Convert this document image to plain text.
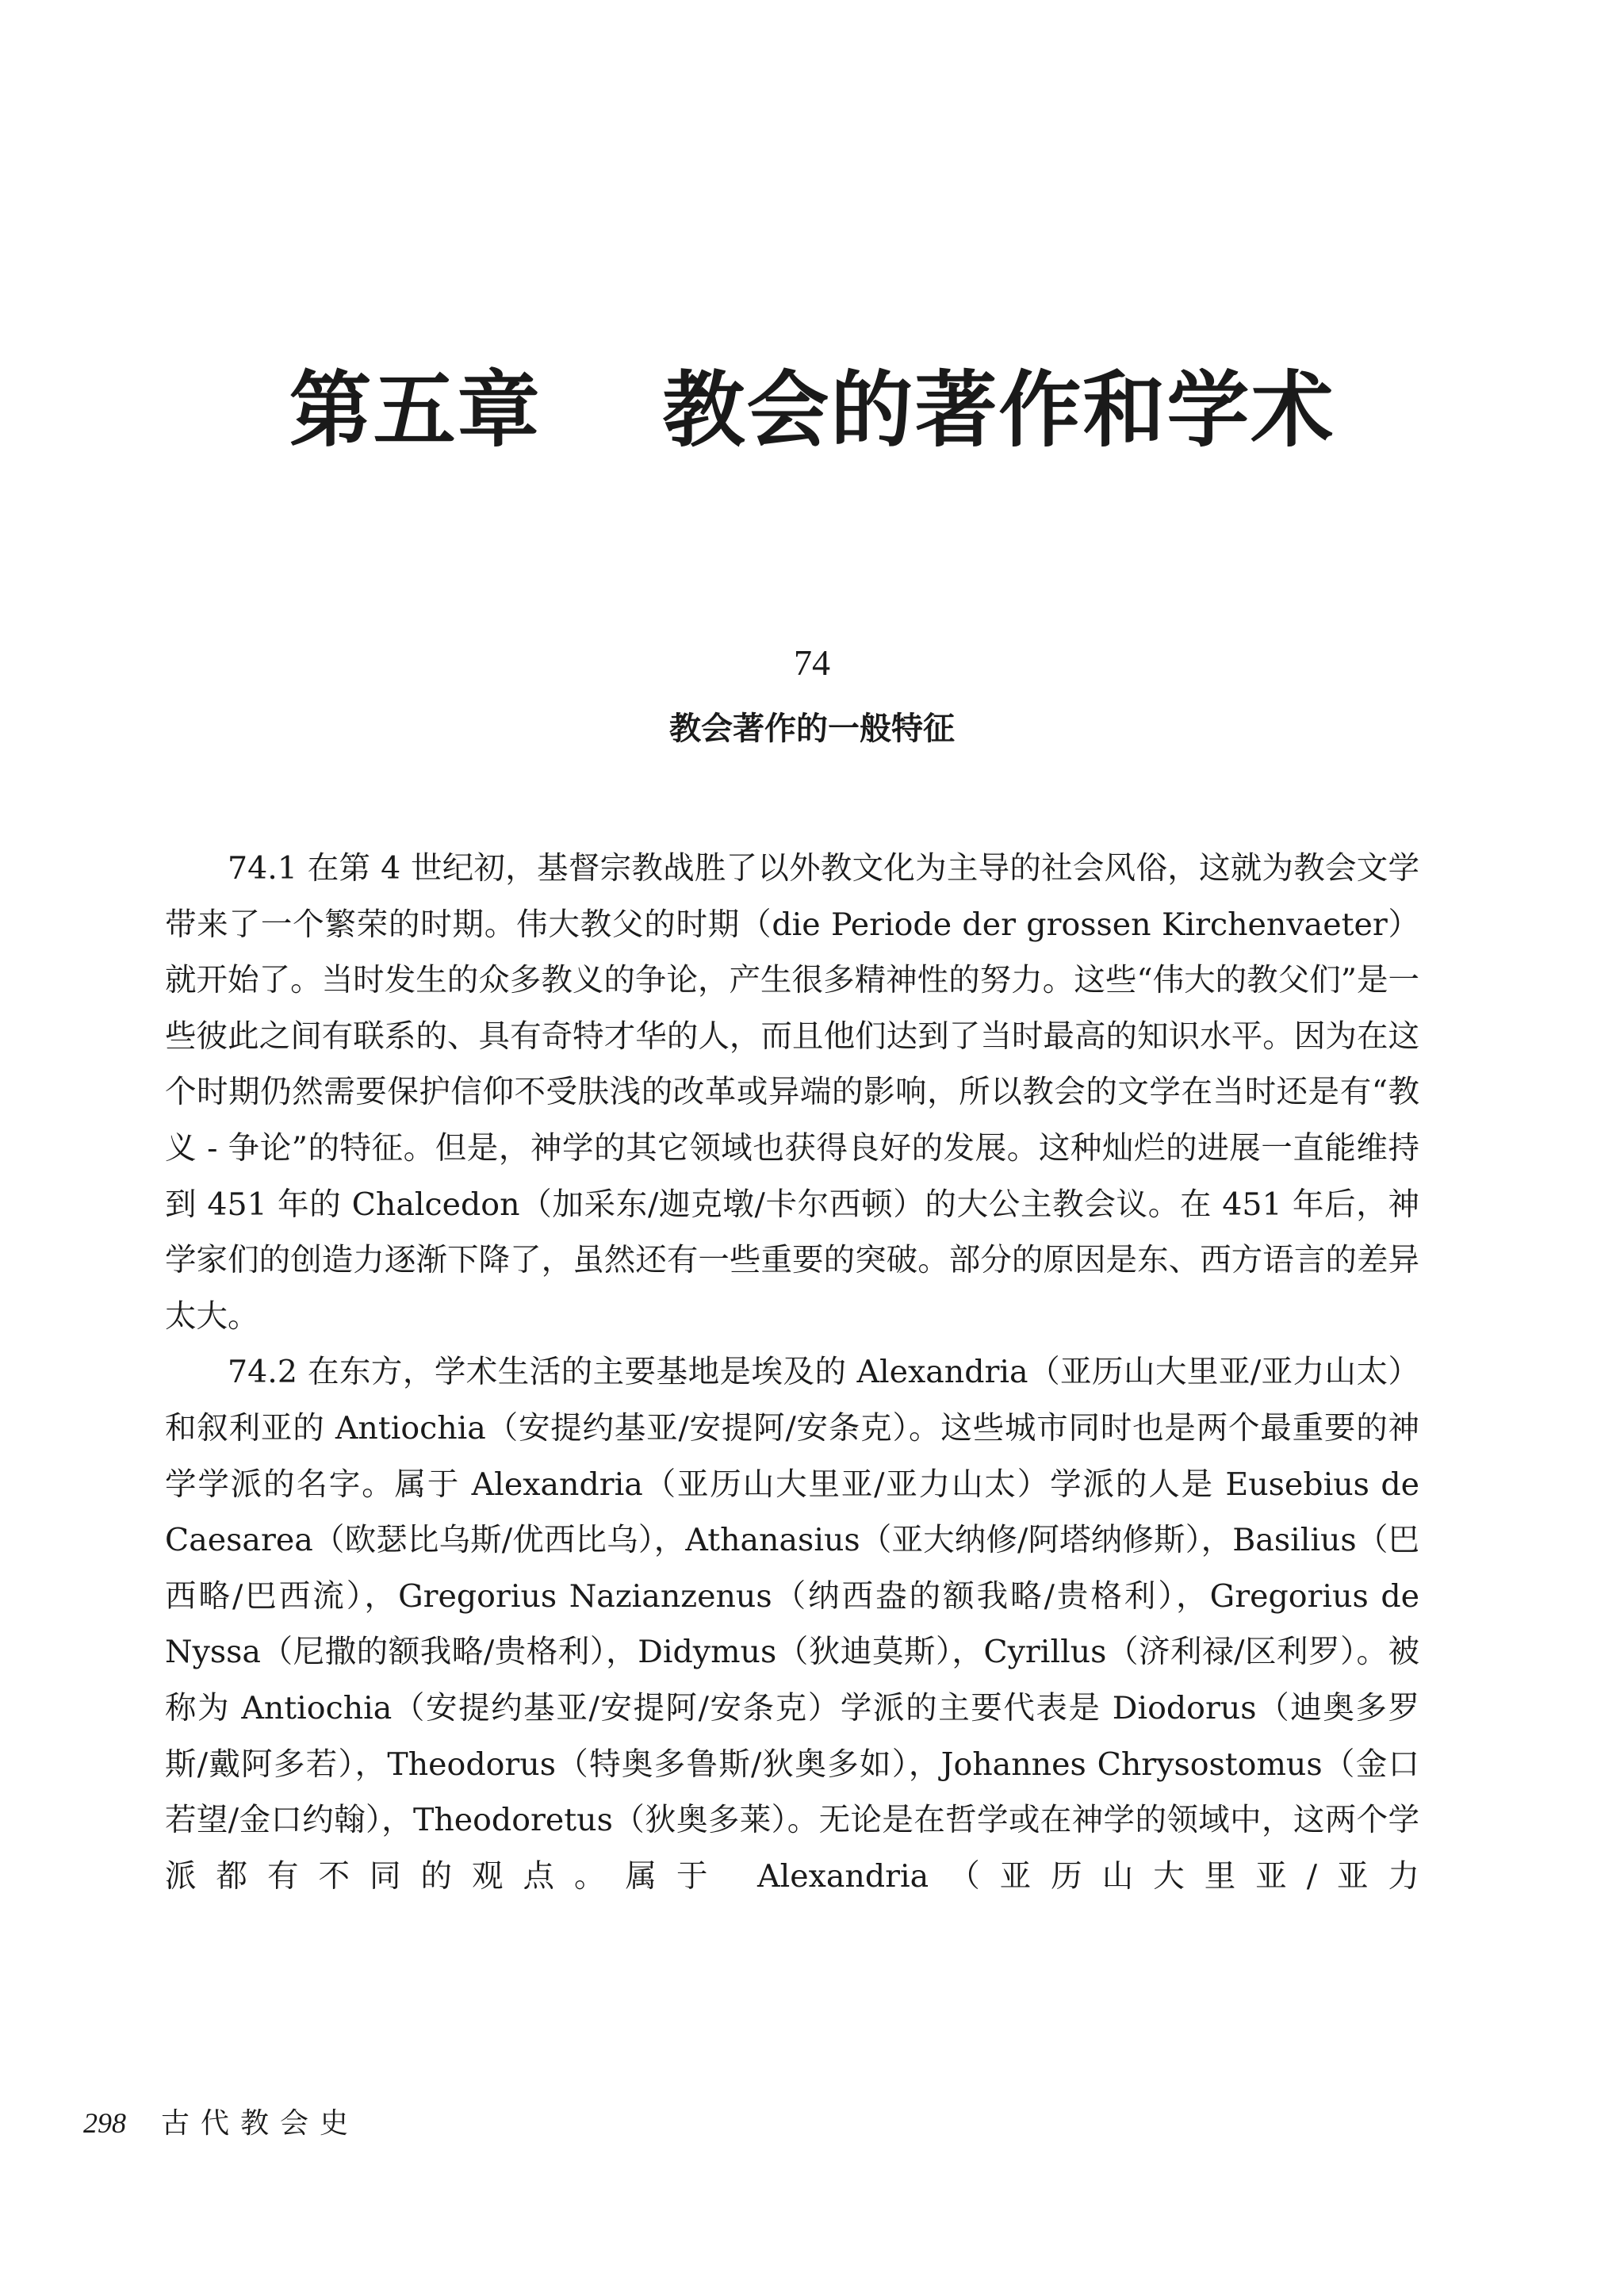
第五章    教会的著作和学术
74
教会著作的一般特征

74.1 在第 4 世纪初，基督宗教战胜了以外教文化为主导的社会风俗，这就为教会文学带来了一个繁荣的时期。伟大教父的时期（die Periode der grossen Kirchenvaeter）就开始了。当时发生的众多教义的争论，产生很多精神性的努力。这些“伟大的教父们”是一些彼此之间有联系的、具有奇特才华的人，而且他们达到了当时最高的知识水平。因为在这个时期仍然需要保护信仰不受肤浅的改革或异端的影响，所以教会的文学在当时还是有“教义 - 争论”的特征。但是，神学的其它领域也获得良好的发展。这种灿烂的进展一直能维持到 451 年的 Chalcedon（加采东/迦克墩/卡尔西顿）的大公主教会议。在 451 年后，神学家们的创造力逐渐下降了，虽然还有一些重要的突破。部分的原因是东、西方语言的差异太大。

74.2 在东方，学术生活的主要基地是埃及的 Alexandria（亚历山大里亚/亚力山太）和叙利亚的 Antiochia（安提约基亚/安提阿/安条克）。这些城市同时也是两个最重要的神学学派的名字。属于 Alexandria（亚历山大里亚/亚力山太）学派的人是 Eusebius de Caesarea（欧瑟比乌斯/优西比乌），Athanasius（亚大纳修/阿塔纳修斯），Basilius（巴西略/巴西流），Gregorius Nazianzenus（纳西盎的额我略/贵格利），Gregorius de Nyssa（尼撒的额我略/贵格利），Didymus（狄迪莫斯），Cyrillus（济利禄/区利罗）。被称为 Antiochia（安提约基亚/安提阿/安条克）学派的主要代表是 Diodorus（迪奥多罗斯/戴阿多若），Theodorus（特奥多鲁斯/狄奥多如），Johannes Chrysostomus（金口若望/金口约翰），Theodoretus（狄奥多莱）。无论是在哲学或在神学的领域中，这两个学派都有不同的观点。属于 Alexandria（亚历山大里亚/亚力

298 古代教会史
